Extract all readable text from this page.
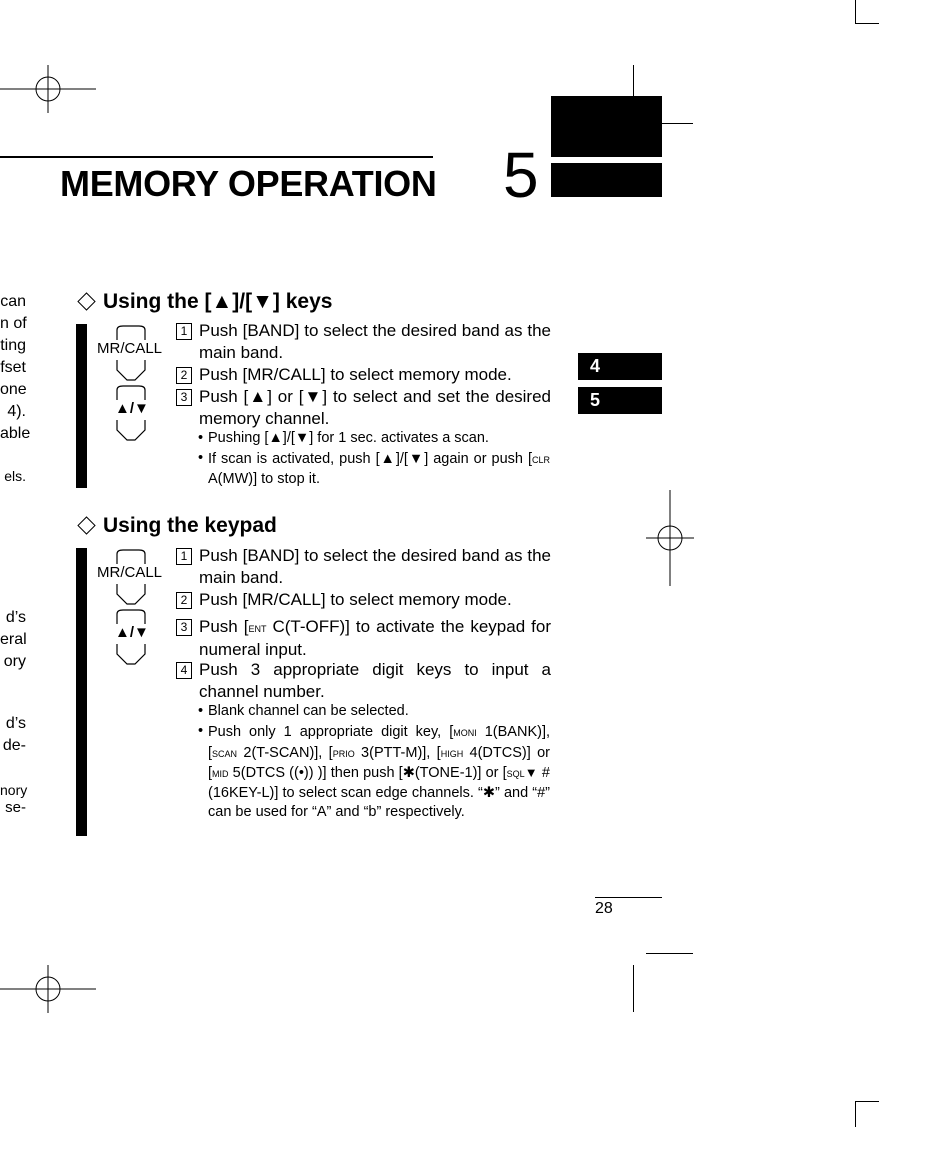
MEMORY OPERATION 5
4
5
can
n of
ting
fset
one
4).
able
els.
d’s
eral
ory
d’s
de-
nory
se-
Using the [▲]/[▼] keys
MR/CALL
▲/▼
1 Push [BAND] to select the desired band as the main band.
2 Push [MR/CALL] to select memory mode.
3 Push [▲] or [▼] to select and set the desired memory channel.
• Pushing [▲]/[▼] for 1 sec. activates a scan.
• If scan is activated, push [▲]/[▼] again or push [clr A(MW)] to stop it.
Using the keypad
MR/CALL
▲/▼
1 Push [BAND] to select the desired band as the main band.
2 Push [MR/CALL] to select memory mode.
3 Push [ent C(T-OFF)] to activate the keypad for numeral input.
4 Push 3 appropriate digit keys to input a channel number.
• Blank channel can be selected.
• Push only 1 appropriate digit key, [moni 1(BANK)], [scan 2(T-SCAN)], [prio 3(PTT-M)], [high 4(DTCS)] or [mid 5(DTCS ((•)) )] then push [✱(TONE-1)] or [sql▼ #(16KEY-L)] to select scan edge channels. “✱” and “#” can be used for “A” and “b” respectively.
28
